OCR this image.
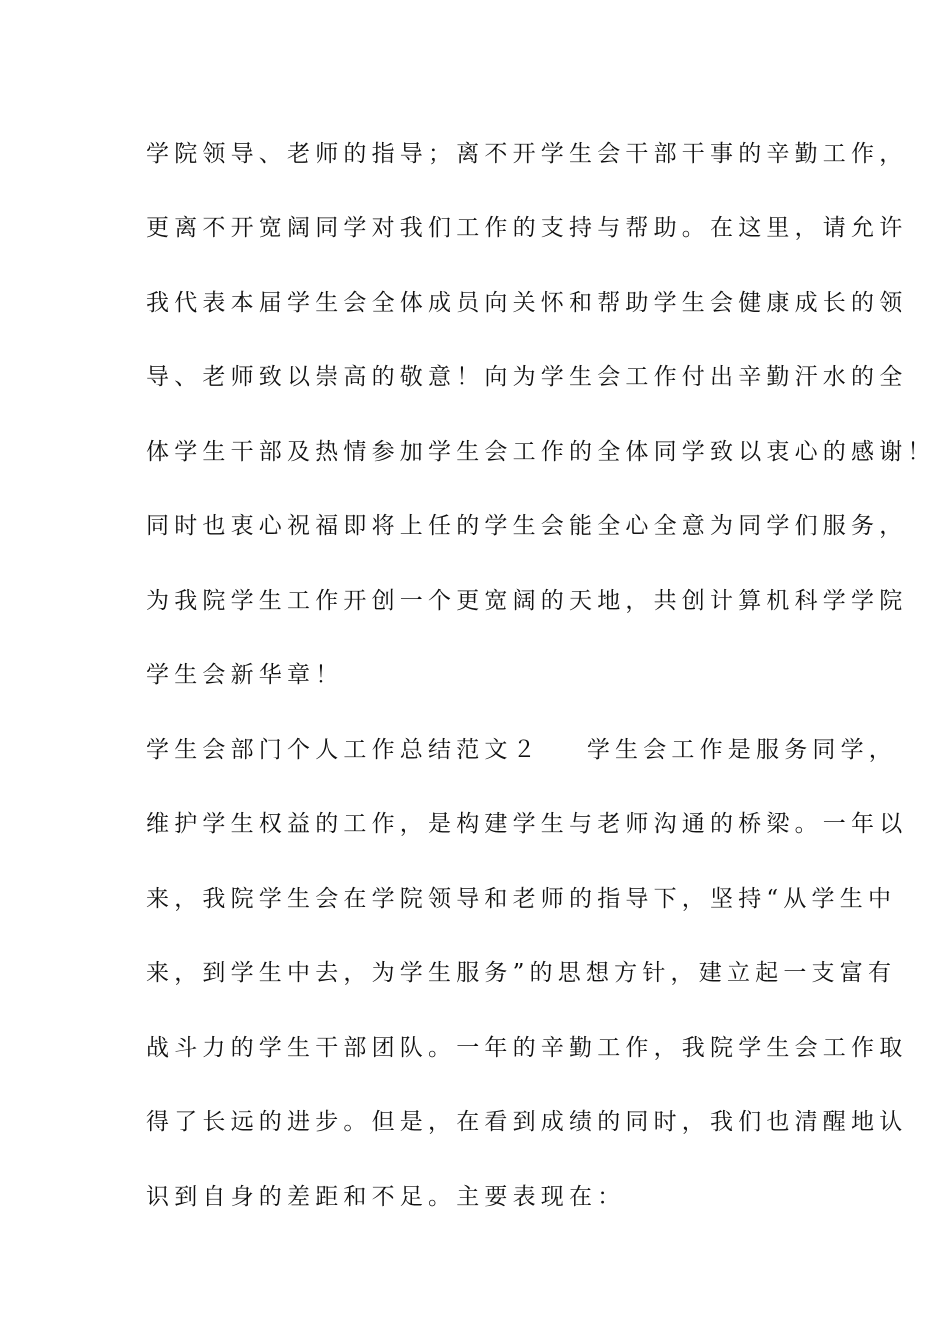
学院领导、老师的指导；离不开学生会干部干事的辛勤工作，
更离不开宽阔同学对我们工作的支持与帮助。在这里，请允许
我代表本届学生会全体成员向关怀和帮助学生会健康成长的领
导、老师致以崇高的敬意！向为学生会工作付出辛勤汗水的全
体学生干部及热情参加学生会工作的全体同学致以衷心的感谢！
同时也衷心祝福即将上任的学生会能全心全意为同学们服务，
为我院学生工作开创一个更宽阔的天地，共创计算机科学学院
学生会新华章！
学生会部门个人工作总结范文２ 学生会工作是服务同学，
维护学生权益的工作，是构建学生与老师沟通的桥梁。一年以
来，我院学生会在学院领导和老师的指导下，坚持“从学生中
来，到学生中去，为学生服务”的思想方针，建立起一支富有
战斗力的学生干部团队。一年的辛勤工作，我院学生会工作取
得了长远的进步。但是，在看到成绩的同时，我们也清醒地认
识到自身的差距和不足。主要表现在：
